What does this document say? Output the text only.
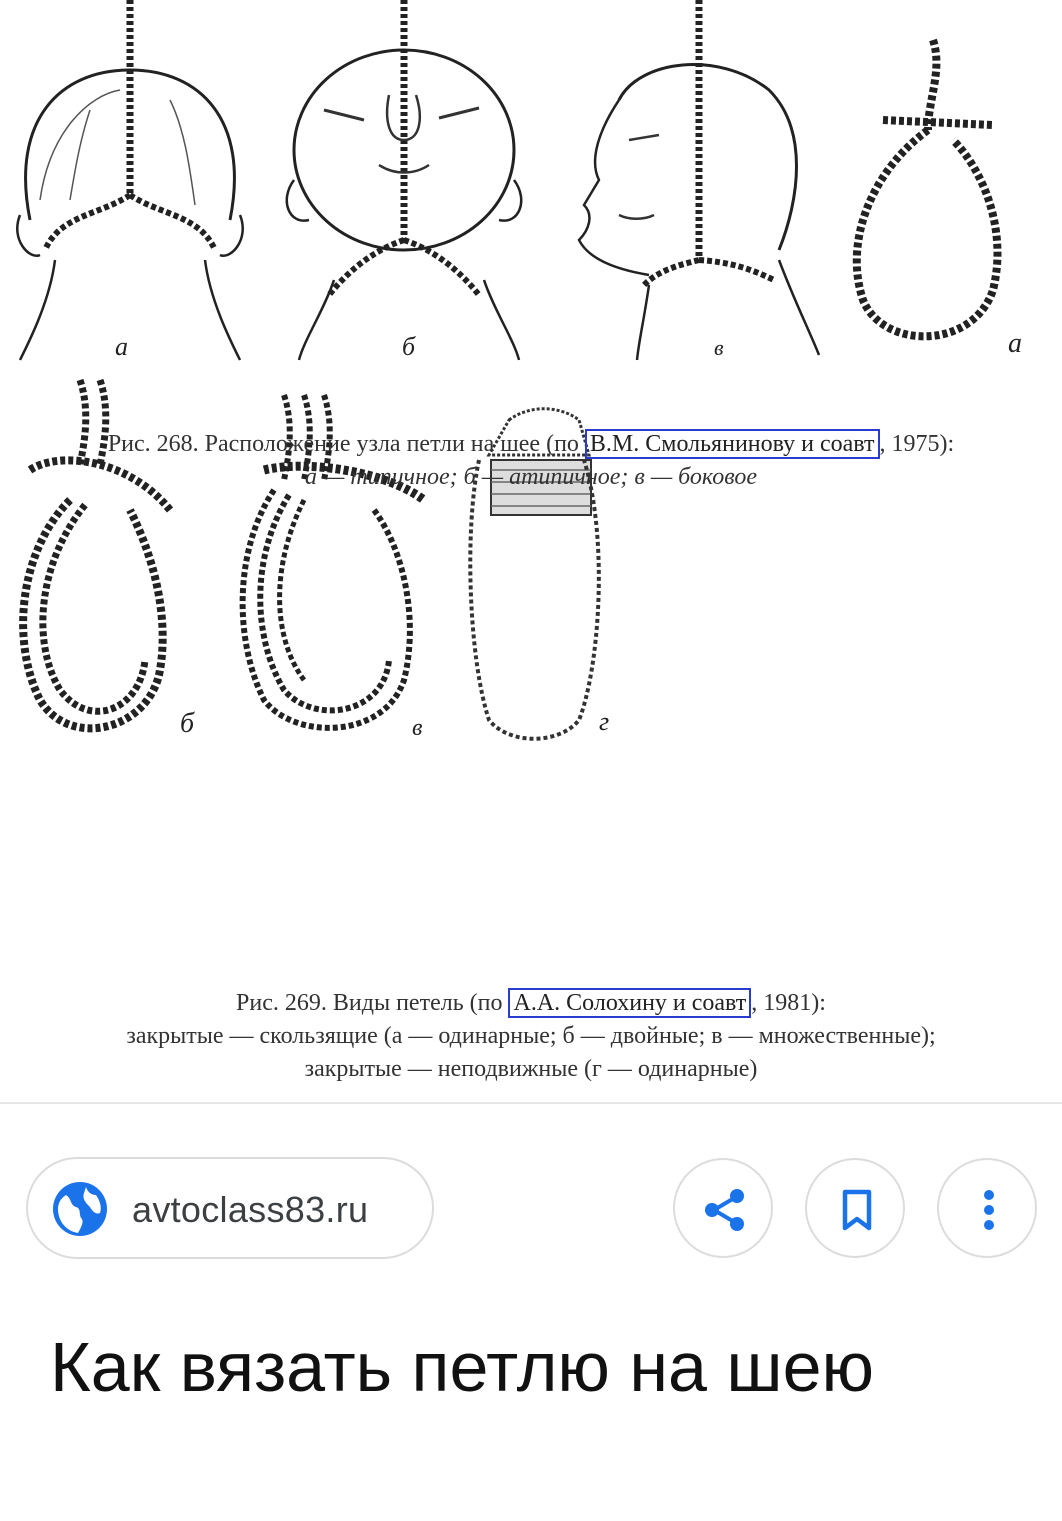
а
	б
	в

Рис. 268. Расположение узла петли на шее (по В.М. Смольянинову и соавт , 1975):
а — типичное; б — атипичное; в — боковое
а

б
	в
	г
Рис. 269. Виды петель (по А.А. Солохину и соавт , 1981):
закрытые — скользящие (а — одинарные; б — двойные; в — множественные);
закрытые — неподвижные (г — одинарные)
avtoclass83.ru
Как вязать петлю на шею
